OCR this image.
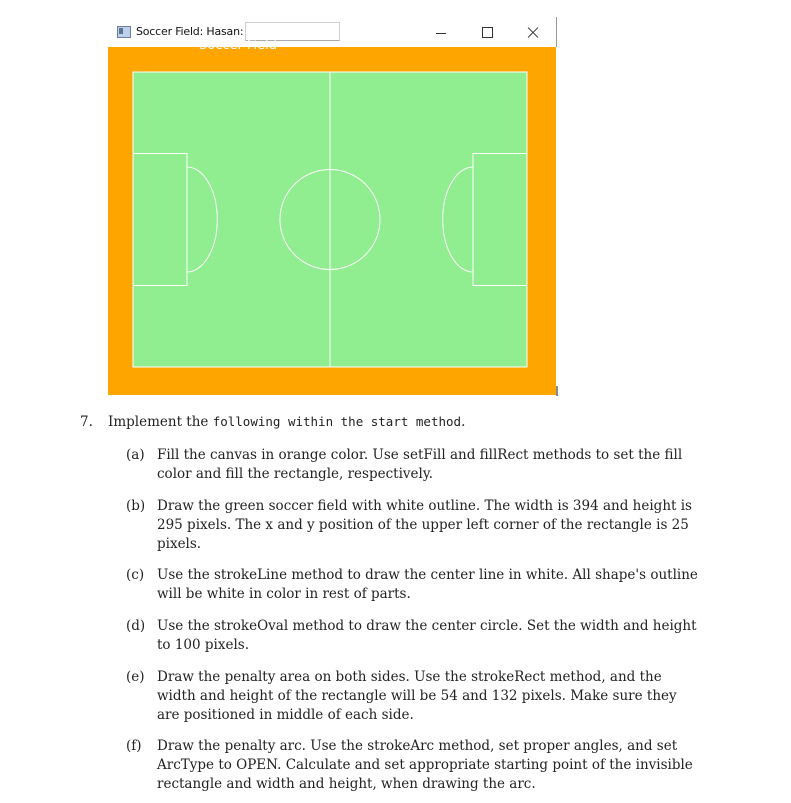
Soccer Field: Hasan:
Soccer Field
7. Implement the following within the start method.
(a) Fill the canvas in orange color. Use setFill and fillRect methods to set the fill color and fill the rectangle, respectively.
(b) Draw the green soccer field with white outline. The width is 394 and height is 295 pixels. The x and y position of the upper left corner of the rectangle is 25 pixels.
(c) Use the strokeLine method to draw the center line in white. All shape's outline will be white in color in rest of parts.
(d) Use the strokeOval method to draw the center circle. Set the width and height to 100 pixels.
(e) Draw the penalty area on both sides. Use the strokeRect method, and the width and height of the rectangle will be 54 and 132 pixels. Make sure they are positioned in middle of each side.
(f) Draw the penalty arc. Use the strokeArc method, set proper angles, and set ArcType to OPEN. Calculate and set appropriate starting point of the invisible rectangle and width and height, when drawing the arc.
